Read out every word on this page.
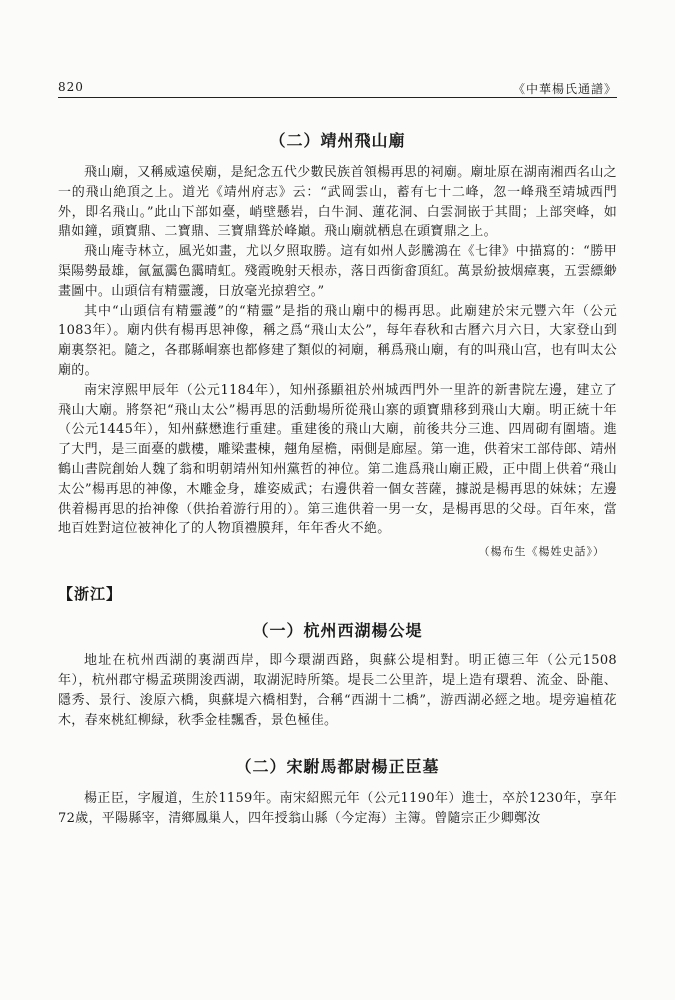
820	《中華楊氏通譜》
（二）靖州飛山廟

飛山廟，又稱威遠侯廟，是紀念五代少數民族首領楊再思的祠廟。廟址原在湖南湘西名山之一的飛山絶頂之上。道光《靖州府志》云：“武岡雲山，蓄有七十二峰，忽一峰飛至靖城西門外，即名飛山。”此山下部如臺，峭壁懸岩，白牛洞、蓮花洞、白雲洞嵌于其間；上部突峰，如鼎如鐘，頭寶鼎、二寶鼎、三寶鼎聳於峰巔。飛山廟就栖息在頭寶鼎之上。

飛山庵寺林立，風光如畫，尤以夕照取勝。這有如州人彭騰鴻在《七律》中描寫的：“勝甲渠陽勢最雄，氤氳靄色靄晴虹。殘霞晚射天根赤，落日西銜畲頂紅。萬景紛披烟瘴裏，五雲縹緲畫圖中。山頭信有精靈護，日放毫光掠碧空。”

其中“山頭信有精靈護”的“精靈”是指的飛山廟中的楊再思。此廟建於宋元豐六年（公元1083年）。廟内供有楊再思神像，稱之爲“飛山太公”，每年春秋和古曆六月六日，大家登山到廟裏祭祀。隨之，各郡縣峒寨也都修建了類似的祠廟，稱爲飛山廟，有的叫飛山宫，也有叫太公廟的。

南宋淳熙甲辰年（公元1184年），知州孫顯祖於州城西門外一里許的新書院左邊，建立了飛山大廟。將祭祀“飛山太公”楊再思的活動場所從飛山寨的頭寶鼎移到飛山大廟。明正統十年（公元1445年），知州蘇懋進行重建。重建後的飛山大廟，前後共分三進、四周砌有圍墻。進了大門，是三面臺的戲樓，雕梁畫棟，翹角屋檐，兩側是廊屋。第一進，供着宋工部侍郎、靖州鶴山書院創始人魏了翁和明朝靖州知州黨哲的神位。第二進爲飛山廟正殿，正中間上供着“飛山太公”楊再思的神像，木雕金身，雄姿威武；右邊供着一個女菩薩，據説是楊再思的妹妹；左邊供着楊再思的抬神像（供抬着游行用的）。第三進供着一男一女，是楊再思的父母。百年來，當地百姓對這位被神化了的人物頂禮膜拜，年年香火不絶。

（楊布生《楊姓史話》）
【浙江】
（一）杭州西湖楊公堤

地址在杭州西湖的裏湖西岸，即今環湖西路，與蘇公堤相對。明正德三年（公元1508年），杭州郡守楊孟瑛開浚西湖，取湖泥時所築。堤長二公里許，堤上造有環碧、流金、卧龍、隱秀、景行、浚原六橋，與蘇堤六橋相對，合稱“西湖十二橋”，游西湖必經之地。堤旁遍植花木，春來桃紅柳緑，秋季金桂飄香，景色極佳。

（二）宋駙馬都尉楊正臣墓

楊正臣，字履道，生於1159年。南宋紹熙元年（公元1190年）進士，卒於1230年，享年72歲，平陽縣宰，清鄉鳳巢人，四年授翁山縣（今定海）主簿。曾隨宗正少卿鄭汝
